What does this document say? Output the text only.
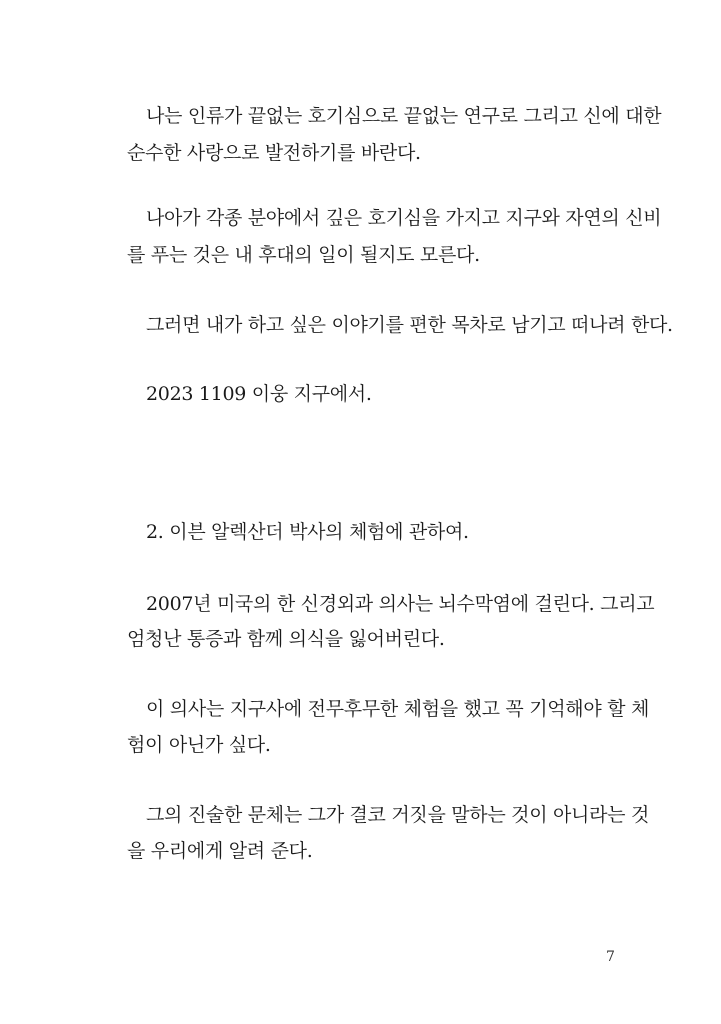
나는 인류가 끝없는 호기심으로 끝없는 연구로 그리고 신에 대한
순수한 사랑으로 발전하기를 바란다.
나아가 각종 분야에서 깊은 호기심을 가지고 지구와 자연의 신비
를 푸는 것은 내 후대의 일이 될지도 모른다.
그러면 내가 하고 싶은 이야기를 편한 목차로 남기고 떠나려 한다.
2023 1109 이웅 지구에서.
2. 이븐 알렉산더 박사의 체험에 관하여.
2007년 미국의 한 신경외과 의사는 뇌수막염에 걸린다. 그리고
엄청난 통증과 함께 의식을 잃어버린다.
이 의사는 지구사에 전무후무한 체험을 했고 꼭 기억해야 할 체
험이 아닌가 싶다.
그의 진술한 문체는 그가 결코 거짓을 말하는 것이 아니라는 것
을 우리에게 알려 준다.
7
